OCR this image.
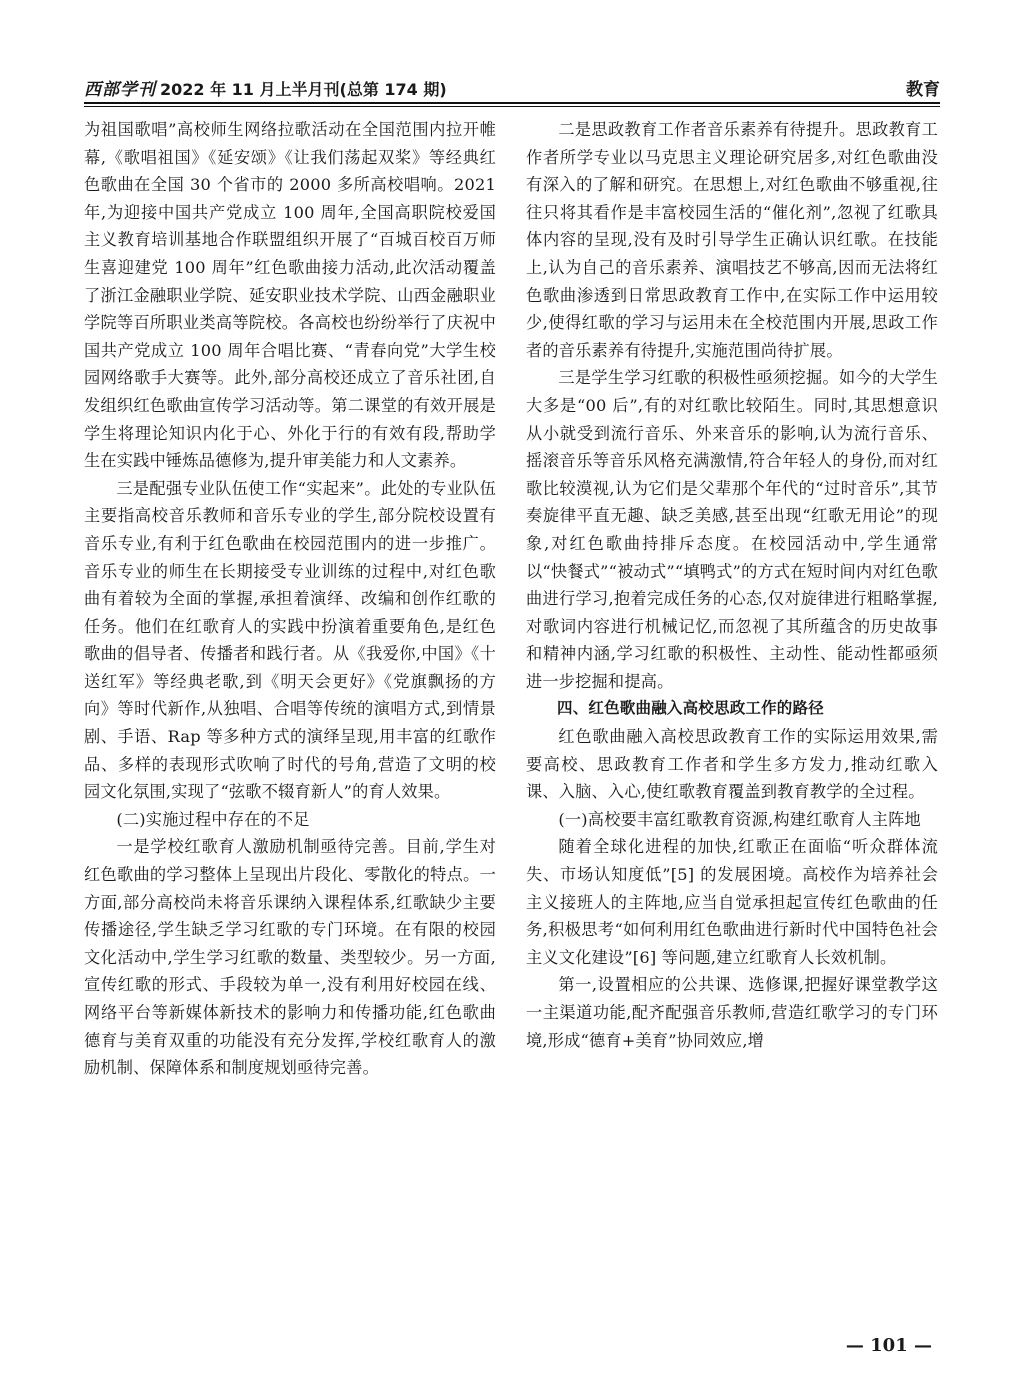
西部学刊 2022 年 11 月上半月刊(总第 174 期)	教育

为祖国歌唱”高校师生网络拉歌活动在全国范围内拉开帷幕,《歌唱祖国》《延安颂》《让我们荡起双桨》等经典红色歌曲在全国 30 个省市的 2000 多所高校唱响。2021 年,为迎接中国共产党成立 100 周年,全国高职院校爱国主义教育培训基地合作联盟组织开展了“百城百校百万师生喜迎建党 100 周年”红色歌曲接力活动,此次活动覆盖了浙江金融职业学院、延安职业技术学院、山西金融职业学院等百所职业类高等院校。各高校也纷纷举行了庆祝中国共产党成立 100 周年合唱比赛、“青春向党”大学生校园网络歌手大赛等。此外,部分高校还成立了音乐社团,自发组织红色歌曲宣传学习活动等。第二课堂的有效开展是学生将理论知识内化于心、外化于行的有效有段,帮助学生在实践中锤炼品德修为,提升审美能力和人文素养。

三是配强专业队伍使工作“实起来”。此处的专业队伍主要指高校音乐教师和音乐专业的学生,部分院校设置有音乐专业,有利于红色歌曲在校园范围内的进一步推广。音乐专业的师生在长期接受专业训练的过程中,对红色歌曲有着较为全面的掌握,承担着演绎、改编和创作红歌的任务。他们在红歌育人的实践中扮演着重要角色,是红色歌曲的倡导者、传播者和践行者。从《我爱你,中国》《十送红军》等经典老歌,到《明天会更好》《党旗飘扬的方向》等时代新作,从独唱、合唱等传统的演唱方式,到情景剧、手语、Rap 等多种方式的演绎呈现,用丰富的红歌作品、多样的表现形式吹响了时代的号角,营造了文明的校园文化氛围,实现了“弦歌不辍育新人”的育人效果。

(二)实施过程中存在的不足

一是学校红歌育人激励机制亟待完善。目前,学生对红色歌曲的学习整体上呈现出片段化、零散化的特点。一方面,部分高校尚未将音乐课纳入课程体系,红歌缺少主要传播途径,学生缺乏学习红歌的专门环境。在有限的校园文化活动中,学生学习红歌的数量、类型较少。另一方面,宣传红歌的形式、手段较为单一,没有利用好校园在线、网络平台等新媒体新技术的影响力和传播功能,红色歌曲德育与美育双重的功能没有充分发挥,学校红歌育人的激励机制、保障体系和制度规划亟待完善。

二是思政教育工作者音乐素养有待提升。思政教育工作者所学专业以马克思主义理论研究居多,对红色歌曲没有深入的了解和研究。在思想上,对红色歌曲不够重视,往往只将其看作是丰富校园生活的“催化剂”,忽视了红歌具体内容的呈现,没有及时引导学生正确认识红歌。在技能上,认为自己的音乐素养、演唱技艺不够高,因而无法将红色歌曲渗透到日常思政教育工作中,在实际工作中运用较少,使得红歌的学习与运用未在全校范围内开展,思政工作者的音乐素养有待提升,实施范围尚待扩展。

三是学生学习红歌的积极性亟须挖掘。如今的大学生大多是“00 后”,有的对红歌比较陌生。同时,其思想意识从小就受到流行音乐、外来音乐的影响,认为流行音乐、摇滚音乐等音乐风格充满激情,符合年轻人的身份,而对红歌比较漠视,认为它们是父辈那个年代的“过时音乐”,其节奏旋律平直无趣、缺乏美感,甚至出现“红歌无用论”的现象,对红色歌曲持排斥态度。在校园活动中,学生通常以“快餐式”“被动式”“填鸭式”的方式在短时间内对红色歌曲进行学习,抱着完成任务的心态,仅对旋律进行粗略掌握,对歌词内容进行机械记忆,而忽视了其所蕴含的历史故事和精神内涵,学习红歌的积极性、主动性、能动性都亟须进一步挖掘和提高。

四、红色歌曲融入高校思政工作的路径

红色歌曲融入高校思政教育工作的实际运用效果,需要高校、思政教育工作者和学生多方发力,推动红歌入课、入脑、入心,使红歌教育覆盖到教育教学的全过程。

(一)高校要丰富红歌教育资源,构建红歌育人主阵地

随着全球化进程的加快,红歌正在面临“听众群体流失、市场认知度低”[5] 的发展困境。高校作为培养社会主义接班人的主阵地,应当自觉承担起宣传红色歌曲的任务,积极思考“如何利用红色歌曲进行新时代中国特色社会主义文化建设”[6] 等问题,建立红歌育人长效机制。

第一,设置相应的公共课、选修课,把握好课堂教学这一主渠道功能,配齐配强音乐教师,营造红歌学习的专门环境,形成“德育+美育”协同效应,增

— 101 —
